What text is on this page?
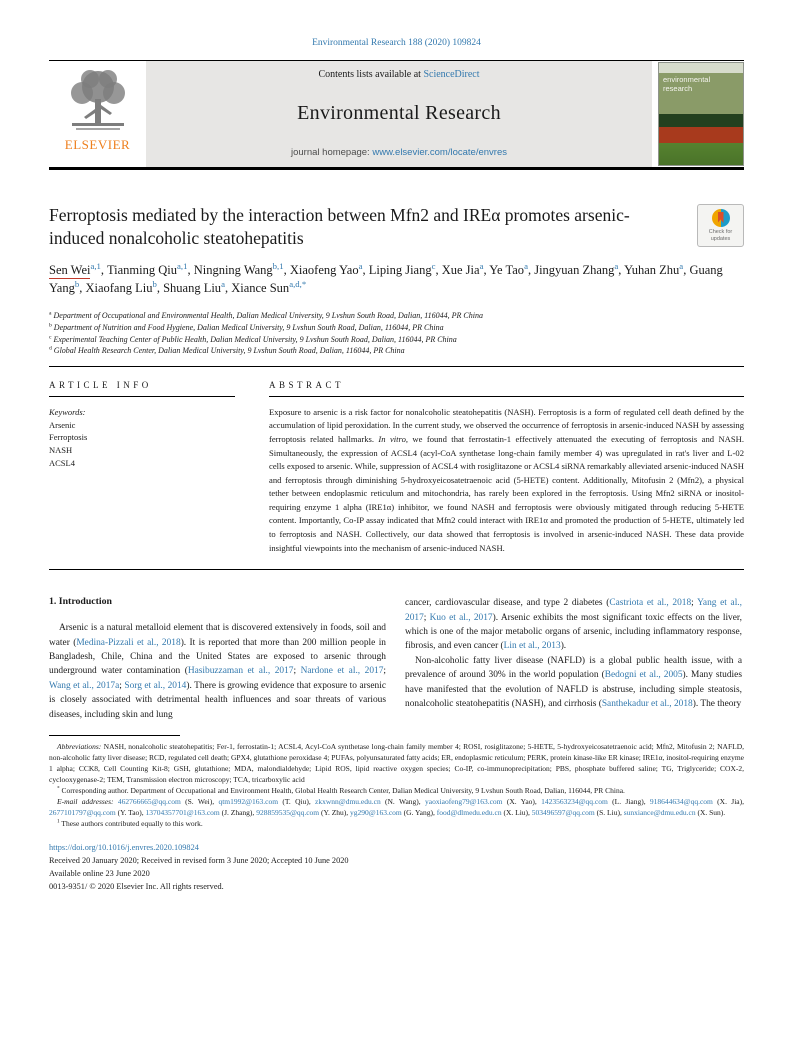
Environmental Research 188 (2020) 109824
ELSEVIER
Contents lists available at ScienceDirect
Environmental Research
journal homepage: www.elsevier.com/locate/envres
environmental research
Ferroptosis mediated by the interaction between Mfn2 and IREα promotes arsenic-induced nonalcoholic steatohepatitis	Check for
updates
Sen Wei$^{a,1}$, Tianming Qiu$^{a,1}$, Ningning Wang$^{b,1}$, Xiaofeng Yao$^a$, Liping Jiang$^c$, Xue Jia$^a$, Ye Tao$^a$, Jingyuan Zhang$^a$, Yuhan Zhu$^a$, Guang Yang$^b$, Xiaofang Liu$^b$, Shuang Liu$^a$, Xiance Sun$^{a,d,*}$
$^a$ Department of Occupational and Environmental Health, Dalian Medical University, 9 Lvshun South Road, Dalian, 116044, PR China
$^b$ Department of Nutrition and Food Hygiene, Dalian Medical University, 9 Lvshun South Road, Dalian, 116044, PR China
$^c$ Experimental Teaching Center of Public Health, Dalian Medical University, 9 Lvshun South Road, Dalian, 116044, PR China
$^d$ Global Health Research Center, Dalian Medical University, 9 Lvshun South Road, Dalian, 116044, PR China
ARTICLE INFO
Keywords:
Arsenic
Ferroptosis
NASH
ACSL4
ABSTRACT

Exposure to arsenic is a risk factor for nonalcoholic steatohepatitis (NASH). Ferroptosis is a form of regulated cell death defined by the accumulation of lipid peroxidation. In the current study, we observed the occurrence of ferroptosis in arsenic-induced NASH by assessing ferroptosis related hallmarks. In vitro, we found that ferrostatin-1 effectively attenuated the executing of ferroptosis and NASH. Simultaneously, the expression of ACSL4 (acyl-CoA synthetase long-chain family member 4) was upregulated in rat's liver and L-02 cells exposed to arsenic. While, suppression of ACSL4 with rosiglitazone or ACSL4 siRNA remarkably alleviated arsenic-induced NASH and ferroptosis through diminishing 5-hydroxyeicosatetraenoic acid (5-HETE) content. Additionally, Mitofusin 2 (Mfn2), a physical tether between endoplasmic reticulum and mitochondria, has rarely been explored in the ferroptosis. Using Mfn2 siRNA or inositol-requiring enzyme 1 alpha (IRE1α) inhibitor, we found NASH and ferroptosis were obviously mitigated through reducing 5-HETE content. Importantly, Co-IP assay indicated that Mfn2 could interact with IRE1α and promoted the production of 5-HETE, ultimately led to ferroptosis and NASH. Collectively, our data showed that ferroptosis is involved in arsenic-induced NASH. These data provide insightful viewpoints into the mechanism of arsenic-induced NASH.

1. Introduction

Arsenic is a natural metalloid element that is discovered extensively in foods, soil and water (Medina-Pizzali et al., 2018). It is reported that more than 200 million people in Bangladesh, Chile, China and the United States are exposed to arsenic through underground water contamination (Hasibuzzaman et al., 2017; Nardone et al., 2017; Wang et al., 2017a; Sorg et al., 2014). There is growing evidence that exposure to arsenic is closely associated with detrimental health influences and soar threats of various diseases, including skin and lung

cancer, cardiovascular disease, and type 2 diabetes (Castriota et al., 2018; Yang et al., 2017; Kuo et al., 2017). Arsenic exhibits the most significant toxic effects on the liver, which is one of the major metabolic organs of arsenic, including inflammatory response, fibrosis, and even cancer (Lin et al., 2013).

Non-alcoholic fatty liver disease (NAFLD) is a global public health issue, with a prevalence of around 30% in the world population (Bedogni et al., 2005). Many studies have manifested that the evolution of NAFLD is abstruse, including simple steatosis, nonalcoholic steatohepatitis (NASH), and cirrhosis (Santhekadur et al., 2018). The theory

Abbreviations: NASH, nonalcoholic steatohepatitis; Fer-1, ferrostatin-1; ACSL4, Acyl-CoA synthetase long-chain family member 4; ROSI, rosiglitazone; 5-HETE, 5-hydroxyeicosatetraenoic acid; Mfn2, Mitofusin 2; NAFLD, non-alcoholic fatty liver disease; RCD, regulated cell death; GPX4, glutathione peroxidase 4; PUFAs, polyunsaturated fatty acids; ER, endoplasmic reticulum; PERK, protein kinase-like ER kinase; IRE1α, inositol-requiring enzyme 1 alpha; CCK8, Cell Counting Kit-8; GSH, glutathione; MDA, malondialdehyde; Lipid ROS, lipid reactive oxygen species; Co-IP, co-immunoprecipitation; PBS, phosphate buffered saline; TG, Triglyceride; COX-2, cyclooxygenase-2; TEM, Transmission electron microscopy; TCA, tricarboxylic acid

* Corresponding author. Department of Occupational and Environment Health, Global Health Research Center, Dalian Medical University, 9 Lvshun South Road, Dalian, 116044, PR China.

E-mail addresses: 462766665@qq.com (S. Wei), qtm1992@163.com (T. Qiu), zkxwnn@dmu.edu.cn (N. Wang), yaoxiaofeng79@163.com (X. Yao), 1423563234@qq.com (L. Jiang), 918644634@qq.com (X. Jia), 2677101797@qq.com (Y. Tao), 13704357701@163.com (J. Zhang), 928859535@qq.com (Y. Zhu), yg290@163.com (G. Yang), food@dlmedu.edu.cn (X. Liu), 503496597@qq.com (S. Liu), sunxiance@dmu.edu.cn (X. Sun).

$^1$ These authors contributed equally to this work.

https://doi.org/10.1016/j.envres.2020.109824
Received 20 January 2020; Received in revised form 3 June 2020; Accepted 10 June 2020
Available online 23 June 2020
0013-9351/ © 2020 Elsevier Inc. All rights reserved.
